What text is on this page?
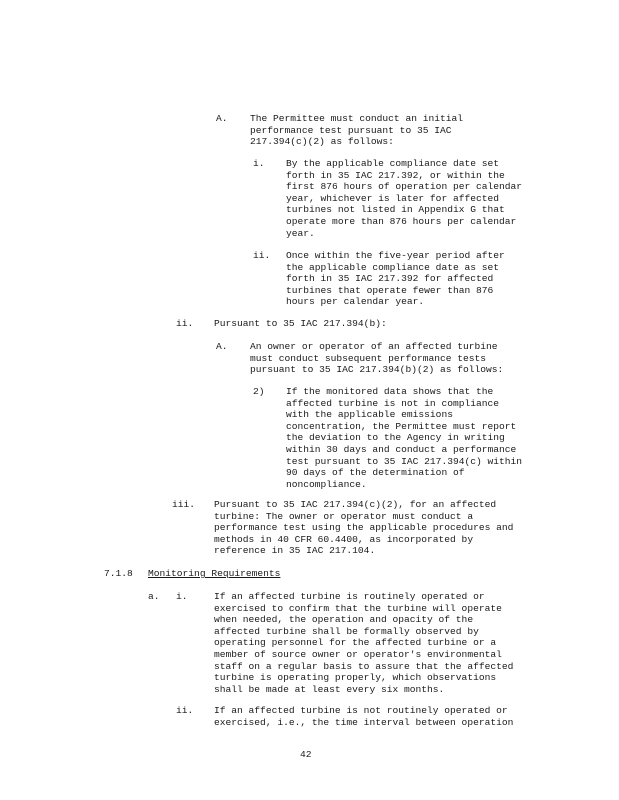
A. The Permittee must conduct an initial
performance test pursuant to 35 IAC
217.394(c)(2) as follows:
i. By the applicable compliance date set
forth in 35 IAC 217.392, or within the
first 876 hours of operation per calendar
year, whichever is later for affected
turbines not listed in Appendix G that
operate more than 876 hours per calendar
year.
ii. Once within the five-year period after
the applicable compliance date as set
forth in 35 IAC 217.392 for affected
turbines that operate fewer than 876
hours per calendar year.
ii. Pursuant to 35 IAC 217.394(b):
A. An owner or operator of an affected turbine
must conduct subsequent performance tests
pursuant to 35 IAC 217.394(b)(2) as follows:
2) If the monitored data shows that the
affected turbine is not in compliance
with the applicable emissions
concentration, the Permittee must report
the deviation to the Agency in writing
within 30 days and conduct a performance
test pursuant to 35 IAC 217.394(c) within
90 days of the determination of
noncompliance.
iii. Pursuant to 35 IAC 217.394(c)(2), for an affected
turbine: The owner or operator must conduct a
performance test using the applicable procedures and
methods in 40 CFR 60.4400, as incorporated by
reference in 35 IAC 217.104.
7.1.8 Monitoring Requirements
a. i.	If an affected turbine is routinely operated or
exercised to confirm that the turbine will operate
when needed, the operation and opacity of the
affected turbine shall be formally observed by
operating personnel for the affected turbine or a
member of source owner or operator's environmental
staff on a regular basis to assure that the affected
turbine is operating properly, which observations
shall be made at least every six months.
ii. If an affected turbine is not routinely operated or
exercised, i.e., the time interval between operation
42
